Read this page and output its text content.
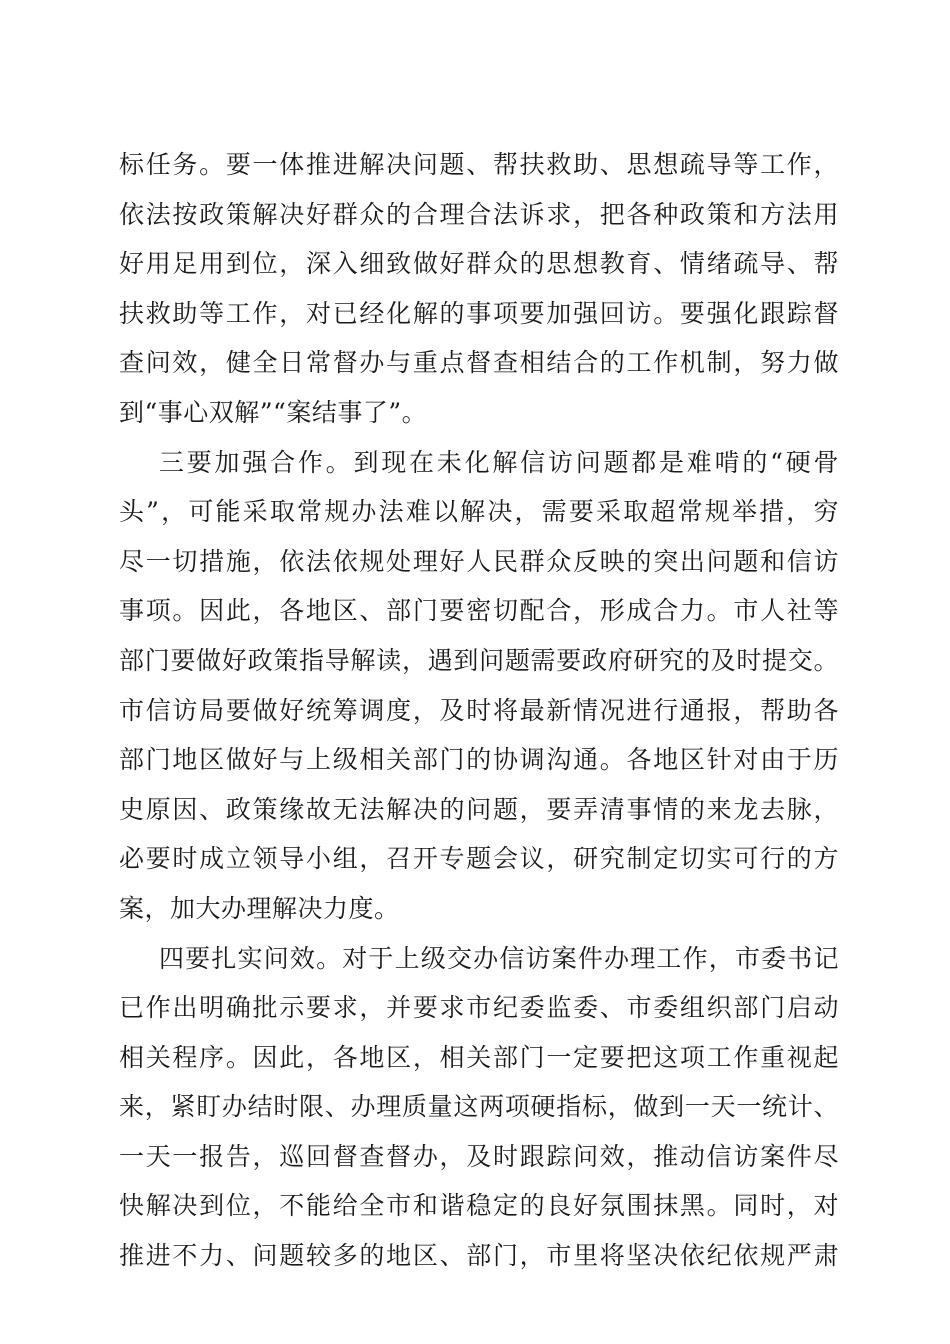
标任务。要一体推进解决问题、帮扶救助、思想疏导等工作，
依法按政策解决好群众的合理合法诉求，把各种政策和方法用
好用足用到位，深入细致做好群众的思想教育、情绪疏导、帮
扶救助等工作，对已经化解的事项要加强回访。要强化跟踪督
查问效，健全日常督办与重点督查相结合的工作机制，努力做
到“事心双解”“案结事了”。
三要加强合作。到现在未化解信访问题都是难啃的“硬骨
头”，可能采取常规办法难以解决，需要采取超常规举措，穷
尽一切措施，依法依规处理好人民群众反映的突出问题和信访
事项。因此，各地区、部门要密切配合，形成合力。市人社等
部门要做好政策指导解读，遇到问题需要政府研究的及时提交。
市信访局要做好统筹调度，及时将最新情况进行通报，帮助各
部门地区做好与上级相关部门的协调沟通。各地区针对由于历
史原因、政策缘故无法解决的问题，要弄清事情的来龙去脉，
必要时成立领导小组，召开专题会议，研究制定切实可行的方
案，加大办理解决力度。
四要扎实问效。对于上级交办信访案件办理工作，市委书记
已作出明确批示要求，并要求市纪委监委、市委组织部门启动
相关程序。因此，各地区，相关部门一定要把这项工作重视起
来，紧盯办结时限、办理质量这两项硬指标，做到一天一统计、
一天一报告，巡回督查督办，及时跟踪问效，推动信访案件尽
快解决到位，不能给全市和谐稳定的良好氛围抹黑。同时，对
推进不力、问题较多的地区、部门，市里将坚决依纪依规严肃
